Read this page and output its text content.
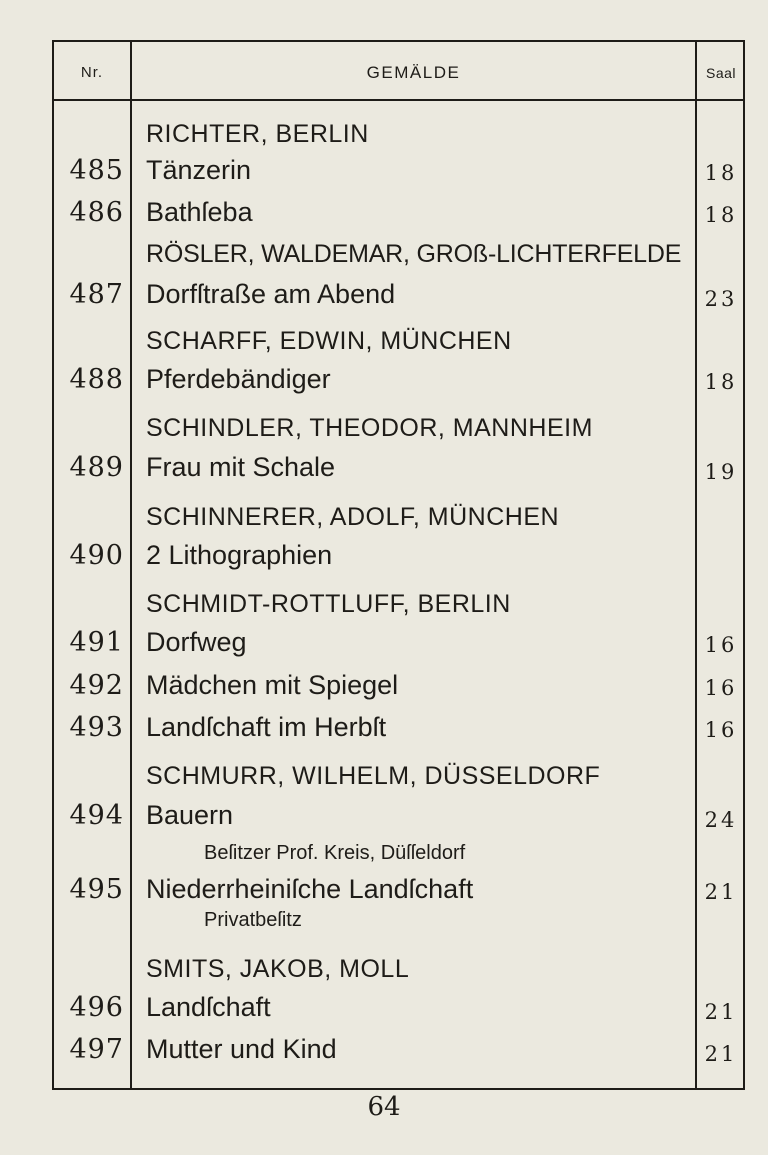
Nr.	GEMÄLDE	Saal
RICHTER, BERLIN
485 Tänzerin	18
486 Bathſeba	18
RÖSLER, WALDEMAR, GROß-LICHTERFELDE
487 Dorfſtraße am Abend	23
SCHARFF, EDWIN, MÜNCHEN
488 Pferdebändiger	18
SCHINDLER, THEODOR, MANNHEIM
489 Frau mit Schale	19
SCHINNERER, ADOLF, MÜNCHEN
490 2 Lithographien
SCHMIDT-ROTTLUFF, BERLIN
491 Dorfweg	16
492 Mädchen mit Spiegel	16
493 Landſchaft im Herbſt	16
SCHMURR, WILHELM, DÜSSELDORF
494 Bauern	24
Beſitzer Prof. Kreis, Düſſeldorf
495 Niederrheiniſche Landſchaft	21
Privatbeſitz
SMITS, JAKOB, MOLL
496 Landſchaft	21
497 Mutter und Kind	21
64
